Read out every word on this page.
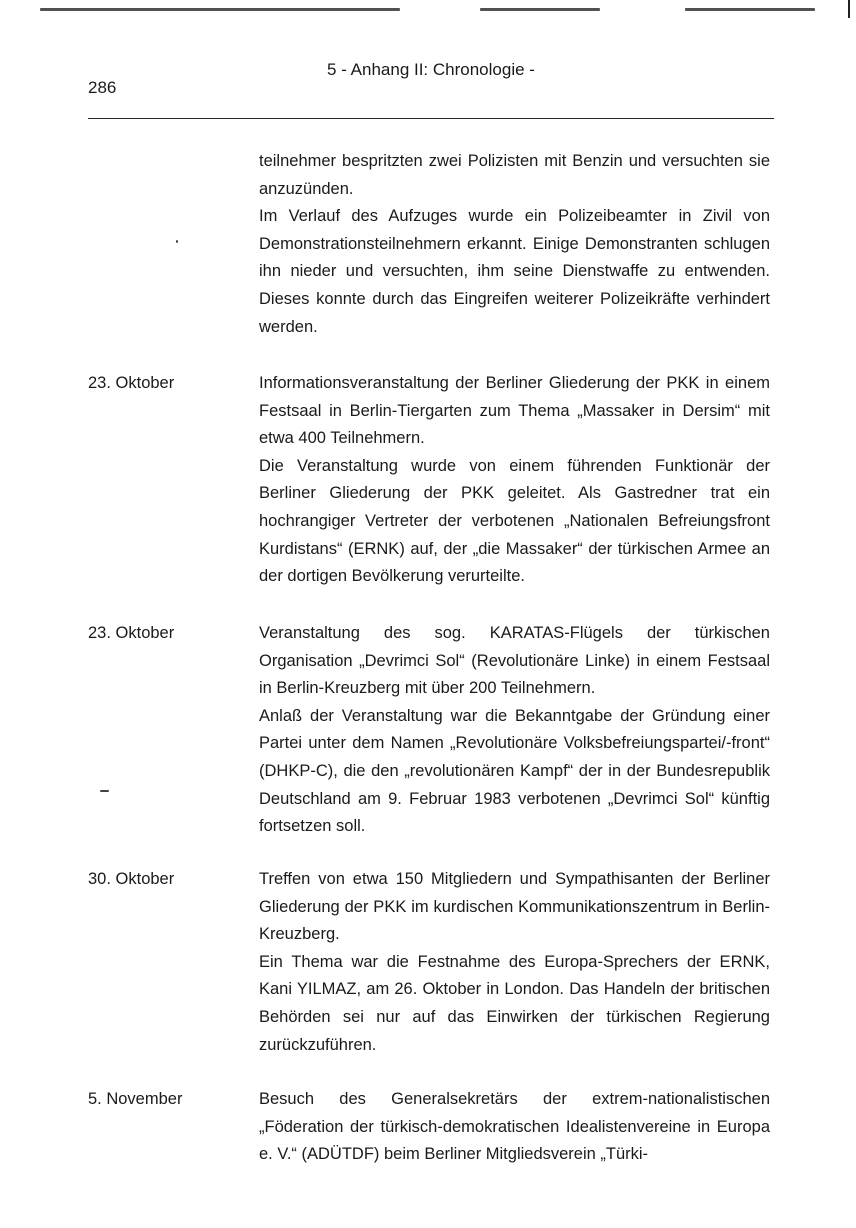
5 - Anhang II: Chronologie -
286

teilnehmer bespritzten zwei Polizisten mit Benzin und versuchten sie anzuzünden.

Im Verlauf des Aufzuges wurde ein Polizeibeamter in Zivil von Demonstrationsteilnehmern erkannt. Einige Demonstranten schlugen ihn nieder und versuchten, ihm seine Dienstwaffe zu entwenden. Dieses konnte durch das Eingreifen weiterer Polizeikräfte verhindert werden.

23. Oktober	Informationsveranstaltung der Berliner Gliederung der PKK in einem Festsaal in Berlin-Tiergarten zum Thema „Massaker in Dersim“ mit etwa 400 Teilnehmern.

Die Veranstaltung wurde von einem führenden Funktionär der Berliner Gliederung der PKK geleitet. Als Gastredner trat ein hochrangiger Vertreter der verbotenen „Nationalen Befreiungsfront Kurdistans“ (ERNK) auf, der „die Massaker“ der türkischen Armee an der dortigen Bevölkerung verurteilte.

23. Oktober	Veranstaltung des sog. KARATAS-Flügels der türkischen Organisation „Devrimci Sol“ (Revolutionäre Linke) in einem Festsaal in Berlin-Kreuzberg mit über 200 Teilnehmern.

Anlaß der Veranstaltung war die Bekanntgabe der Gründung einer Partei unter dem Namen „Revolutionäre Volksbefreiungspartei/-front“ (DHKP-C), die den „revolutionären Kampf“ der in der Bundesrepublik Deutschland am 9. Februar 1983 verbotenen „Devrimci Sol“ künftig fortsetzen soll.

30. Oktober	Treffen von etwa 150 Mitgliedern und Sympathisanten der Berliner Gliederung der PKK im kurdischen Kommunikationszentrum in Berlin-Kreuzberg.

Ein Thema war die Festnahme des Europa-Sprechers der ERNK, Kani YILMAZ, am 26. Oktober in London. Das Handeln der britischen Behörden sei nur auf das Einwirken der türkischen Regierung zurückzuführen.

5. November	Besuch des Generalsekretärs der extrem-nationalistischen „Föderation der türkisch-demokratischen Idealistenvereine in Europa e. V.“ (ADÜTDF) beim Berliner Mitgliedsverein „Türki-
